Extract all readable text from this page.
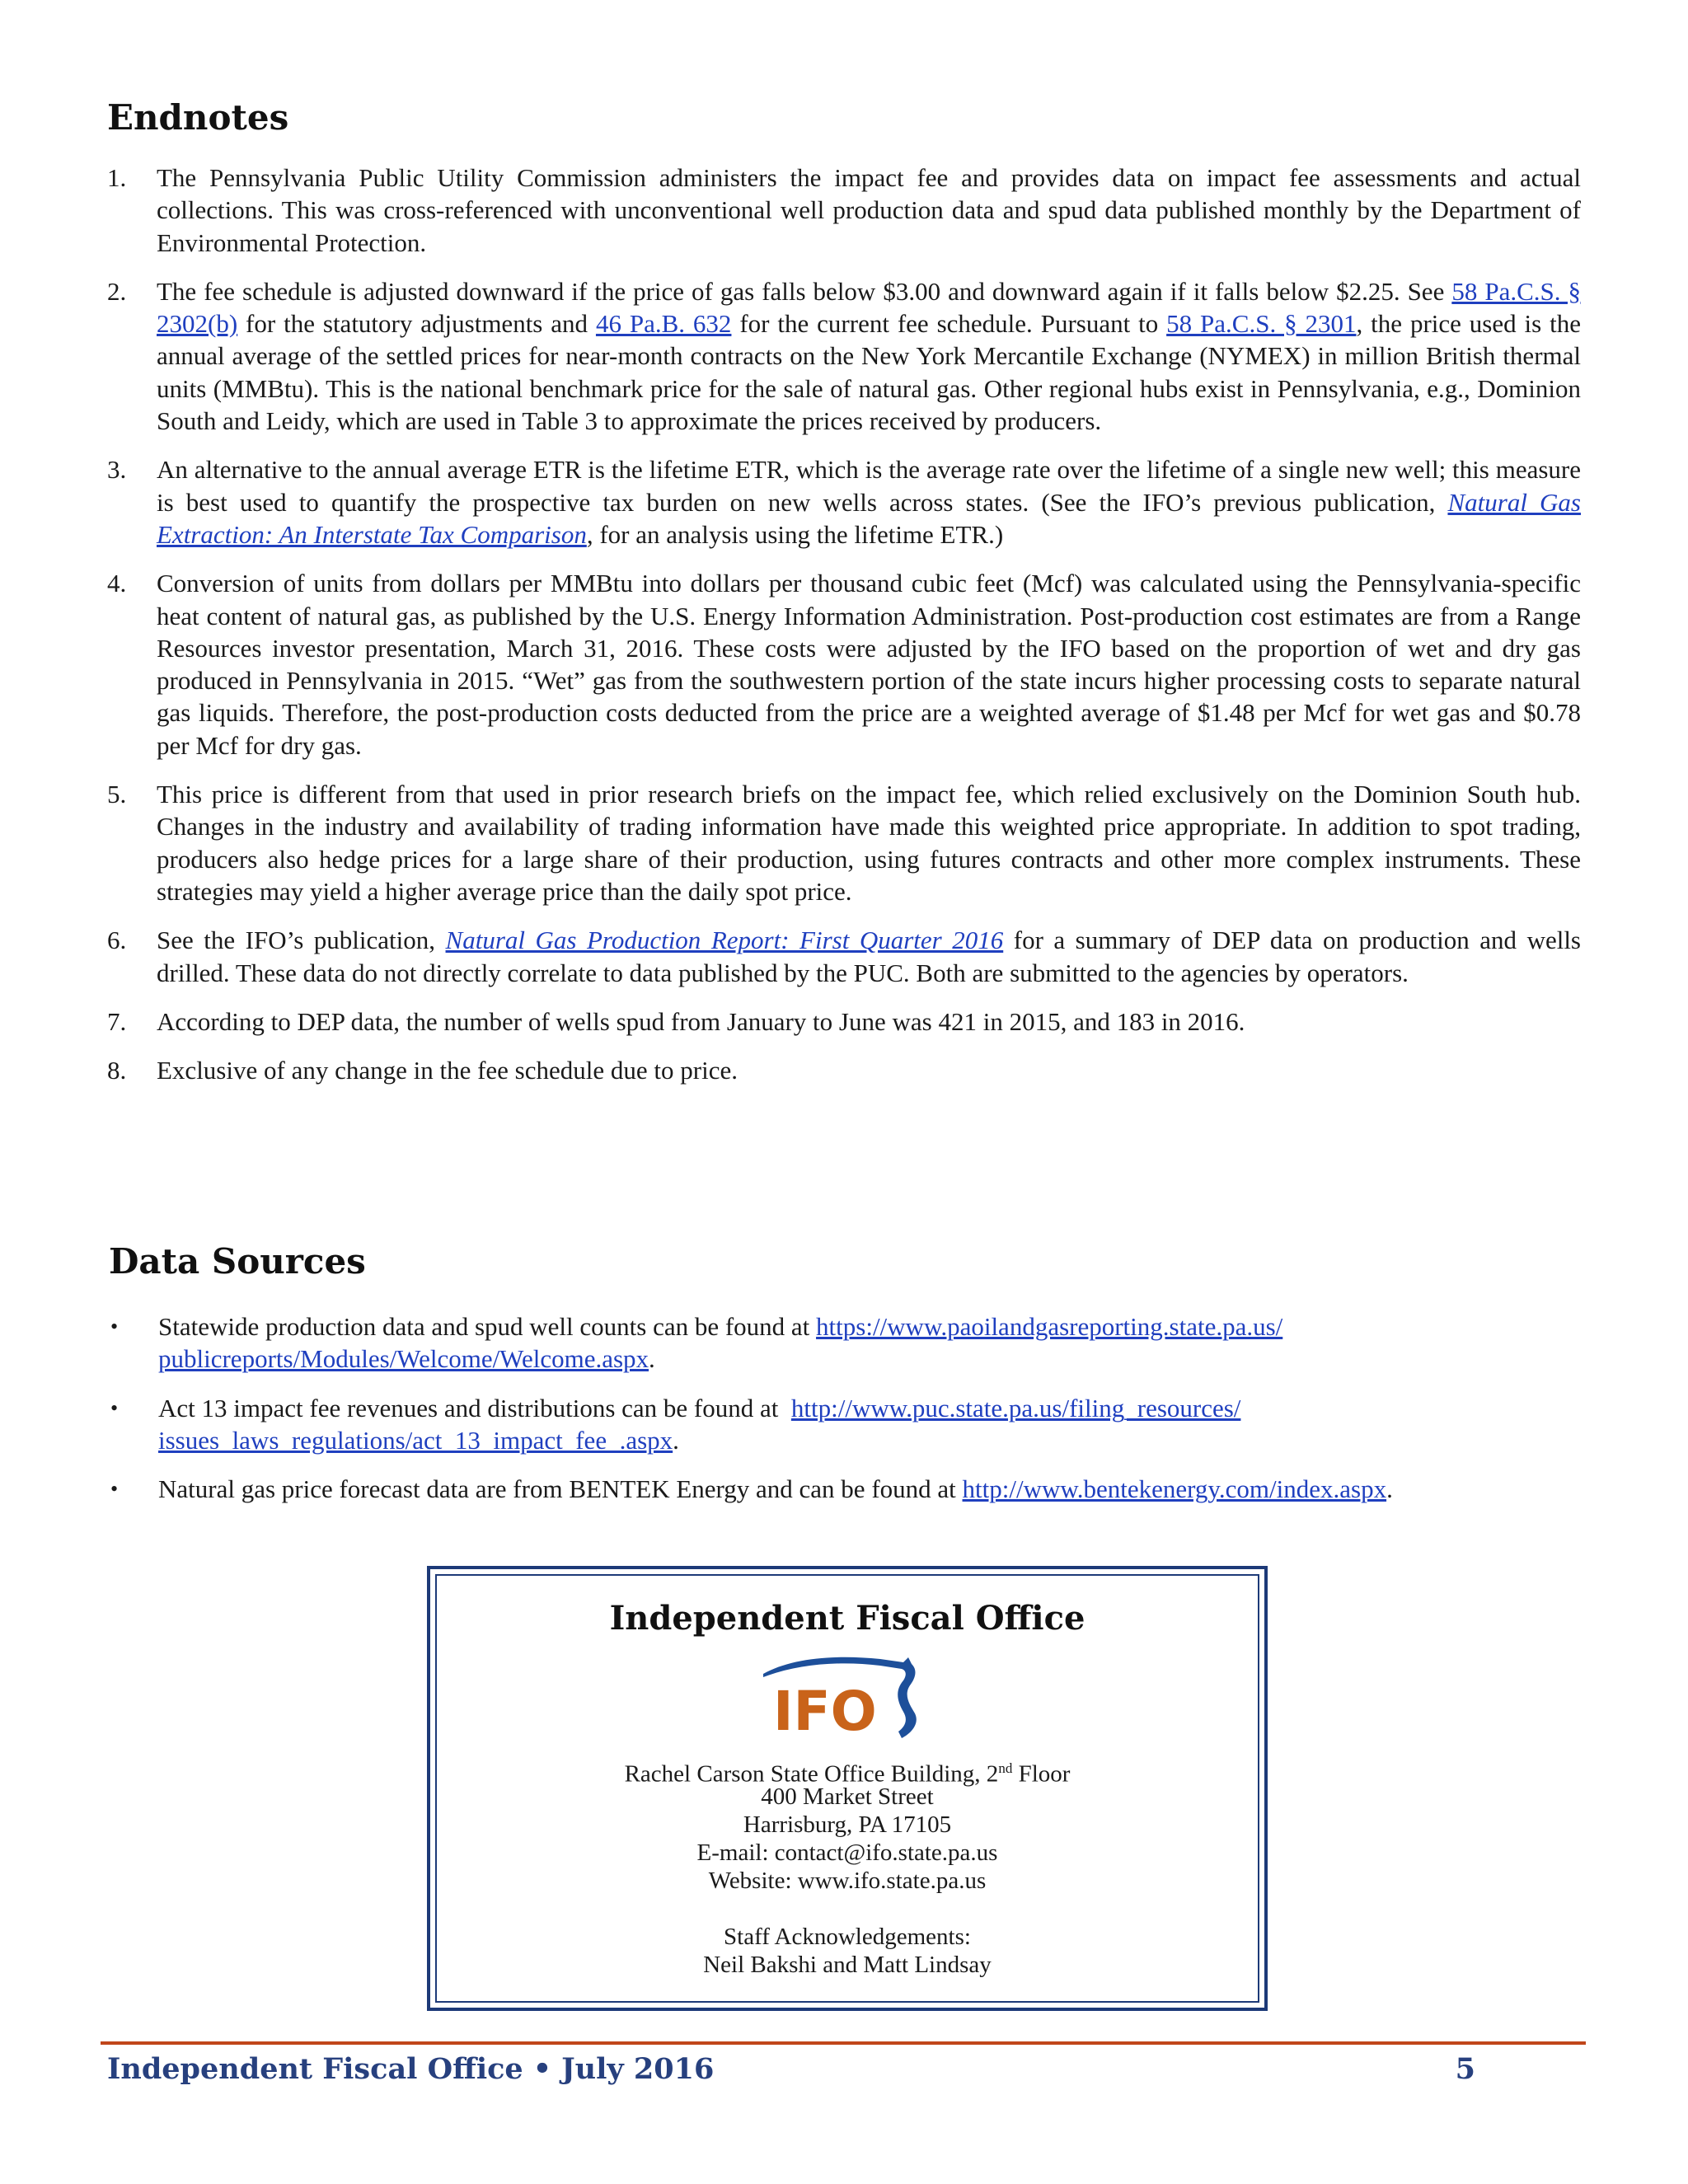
Endnotes
1. The Pennsylvania Public Utility Commission administers the impact fee and provides data on impact fee assessments and actual collections. This was cross-referenced with unconventional well production data and spud data published monthly by the Department of Environmental Protection.
2. The fee schedule is adjusted downward if the price of gas falls below $3.00 and downward again if it falls below $2.25. See 58 Pa.C.S. § 2302(b) for the statutory adjustments and 46 Pa.B. 632 for the current fee schedule. Pursuant to 58 Pa.C.S. § 2301, the price used is the annual average of the settled prices for near-month contracts on the New York Mercantile Exchange (NYMEX) in million British thermal units (MMBtu). This is the national benchmark price for the sale of natural gas. Other regional hubs exist in Pennsylvania, e.g., Dominion South and Leidy, which are used in Table 3 to approximate the prices received by producers.
3. An alternative to the annual average ETR is the lifetime ETR, which is the average rate over the lifetime of a single new well; this measure is best used to quantify the prospective tax burden on new wells across states. (See the IFO’s previous publication, Natural Gas Extraction: An Interstate Tax Comparison, for an analysis using the lifetime ETR.)
4. Conversion of units from dollars per MMBtu into dollars per thousand cubic feet (Mcf) was calculated using the Pennsylvania-specific heat content of natural gas, as published by the U.S. Energy Information Administration. Post-production cost estimates are from a Range Resources investor presentation, March 31, 2016. These costs were adjusted by the IFO based on the proportion of wet and dry gas produced in Pennsylvania in 2015. “Wet” gas from the southwestern portion of the state incurs higher processing costs to separate natural gas liquids. Therefore, the post-production costs deducted from the price are a weighted average of $1.48 per Mcf for wet gas and $0.78 per Mcf for dry gas.
5. This price is different from that used in prior research briefs on the impact fee, which relied exclusively on the Dominion South hub. Changes in the industry and availability of trading information have made this weighted price appropriate. In addition to spot trading, producers also hedge prices for a large share of their production, using futures contracts and other more complex instruments. These strategies may yield a higher average price than the daily spot price.
6. See the IFO’s publication, Natural Gas Production Report: First Quarter 2016 for a summary of DEP data on production and wells drilled. These data do not directly correlate to data published by the PUC. Both are submitted to the agencies by operators.
7. According to DEP data, the number of wells spud from January to June was 421 in 2015, and 183 in 2016.
8. Exclusive of any change in the fee schedule due to price.
Data Sources
• Statewide production data and spud well counts can be found at https://www.paoilandgasreporting.state.pa.us/
publicreports/Modules/Welcome/Welcome.aspx.
• Act 13 impact fee revenues and distributions can be found at  http://www.puc.state.pa.us/filing_resources/
issues_laws_regulations/act_13_impact_fee_.aspx.
• Natural gas price forecast data are from BENTEK Energy and can be found at http://www.bentekenergy.com/index.aspx.
Independent Fiscal Office
IFO
Rachel Carson State Office Building, 2nd Floor
400 Market Street
Harrisburg, PA 17105
E-mail: contact@ifo.state.pa.us
Website: www.ifo.state.pa.us
Staff Acknowledgements:
Neil Bakshi and Matt Lindsay
Independent Fiscal Office • July 2016	5
